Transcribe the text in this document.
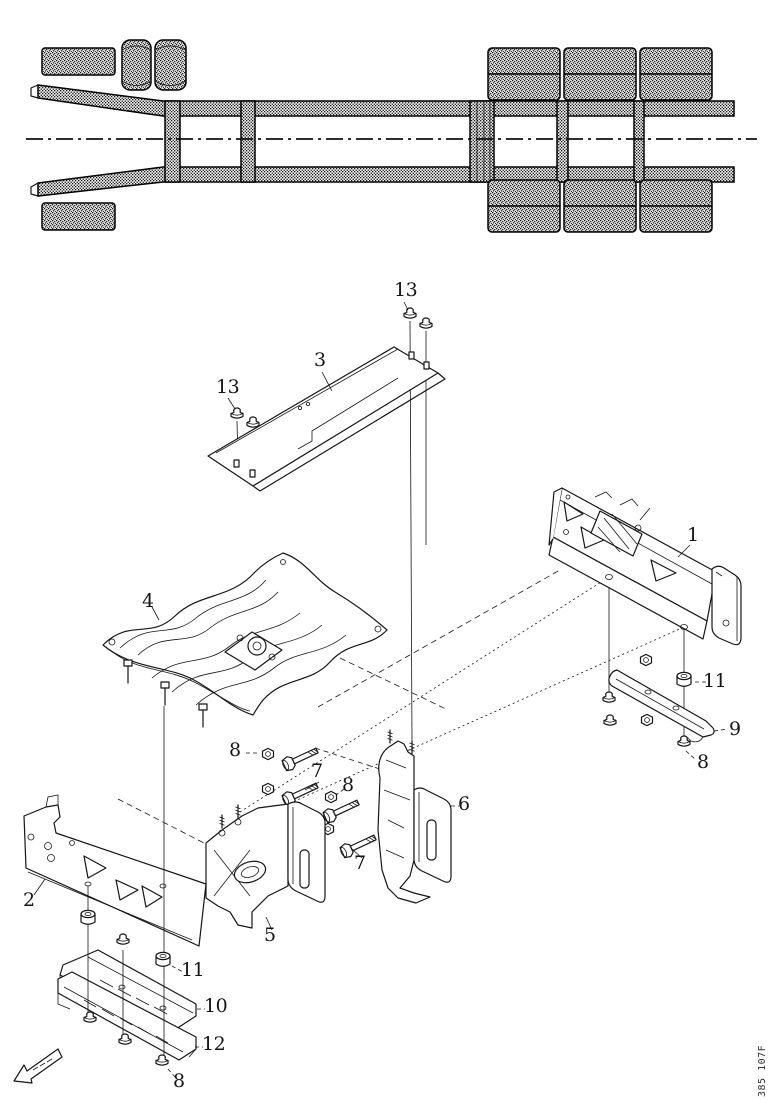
13
13
3
1
4
11
9
8
8
7
8
6
7
2
5
11
10
12
8	385 107F
